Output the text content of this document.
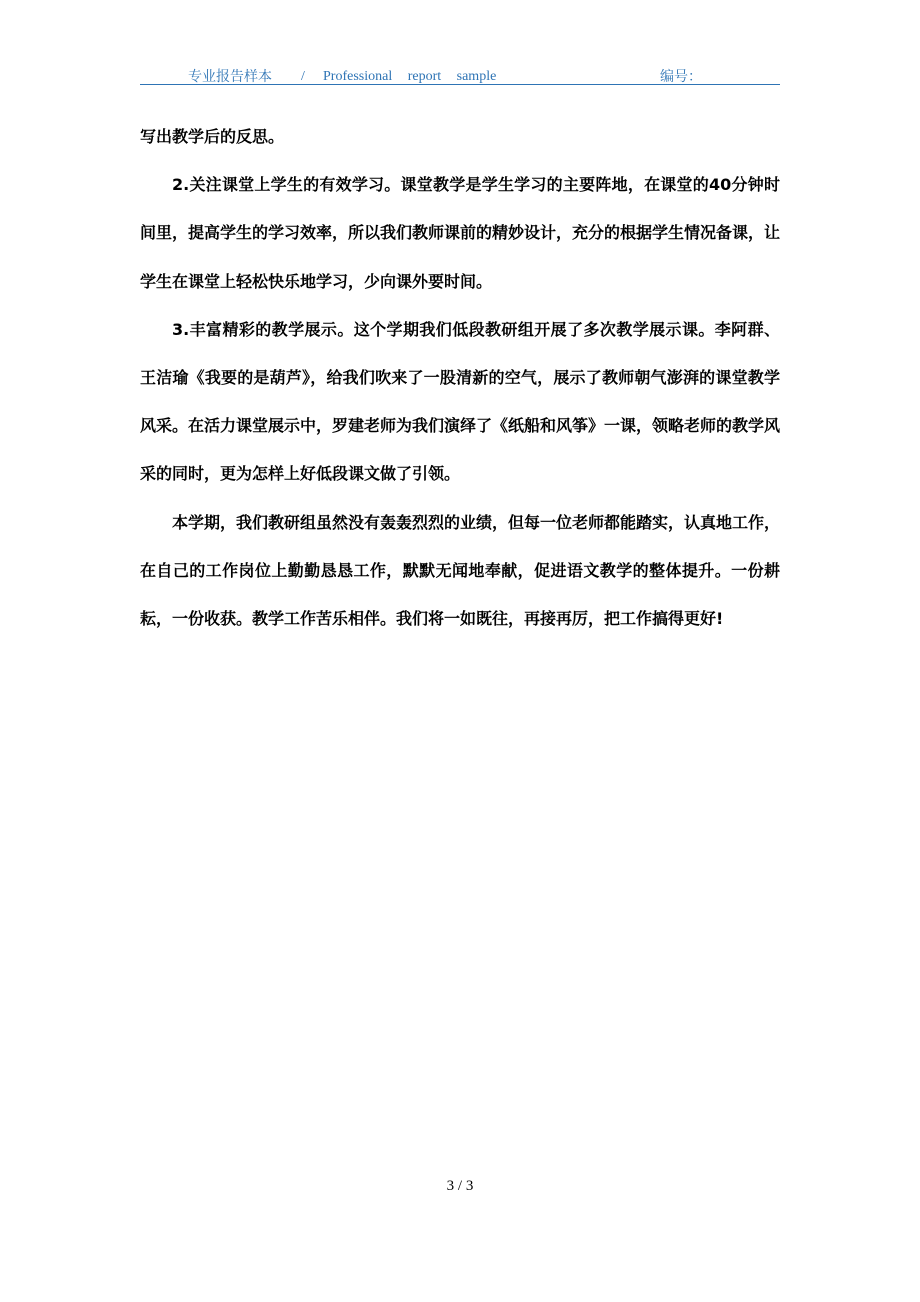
专业报告样本 / Professional report sample	编号：

写出教学后的反思。

2.关注课堂上学生的有效学习。课堂教学是学生学习的主要阵地，在课堂的40分钟时间里，提高学生的学习效率，所以我们教师课前的精妙设计，充分的根据学生情况备课，让学生在课堂上轻松快乐地学习，少向课外要时间。

3.丰富精彩的教学展示。这个学期我们低段教研组开展了多次教学展示课。李阿群、王洁瑜《我要的是葫芦》，给我们吹来了一股清新的空气，展示了教师朝气澎湃的课堂教学风采。在活力课堂展示中，罗建老师为我们演绎了《纸船和风筝》一课，领略老师的教学风采的同时，更为怎样上好低段课文做了引领。

本学期，我们教研组虽然没有轰轰烈烈的业绩，但每一位老师都能踏实，认真地工作，在自己的工作岗位上勤勤恳恳工作，默默无闻地奉献，促进语文教学的整体提升。一份耕耘，一份收获。教学工作苦乐相伴。我们将一如既往，再接再厉，把工作搞得更好!

3 / 3
